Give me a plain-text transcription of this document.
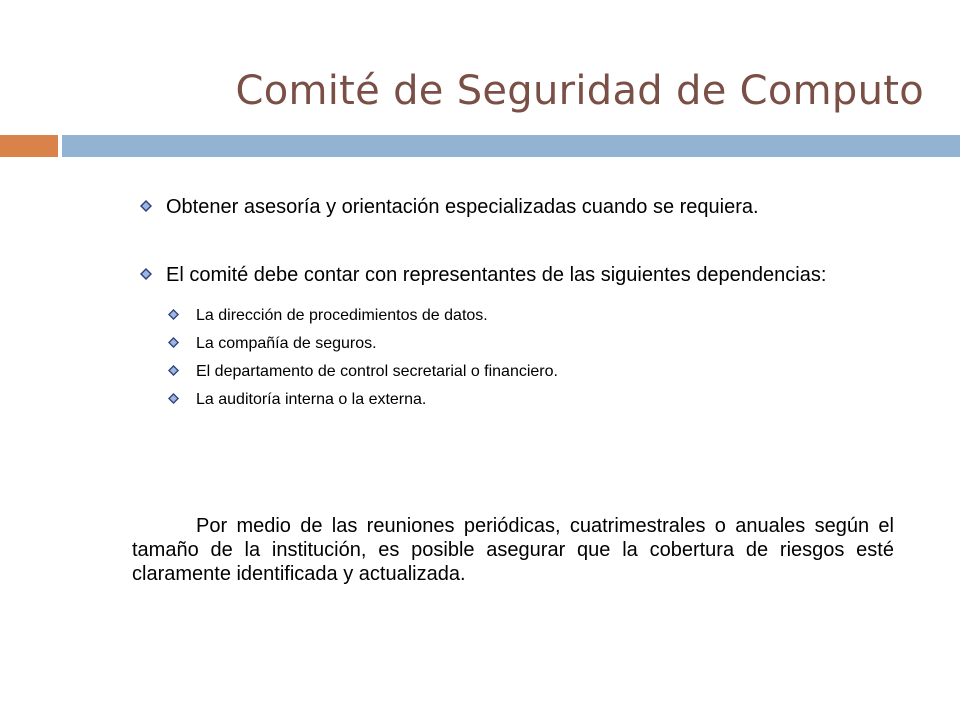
Comité de Seguridad de Computo
Obtener asesoría y orientación especializadas cuando se requiera.
El comité debe contar con representantes de las siguientes dependencias:
La dirección de procedimientos de datos.
La compañía de seguros.
El departamento de control secretarial o financiero.
La auditoría interna o la externa.

Por medio de las reuniones periódicas, cuatrimestrales o anuales según el tamaño de la institución, es posible asegurar que la cobertura de riesgos esté claramente identificada y actualizada.
